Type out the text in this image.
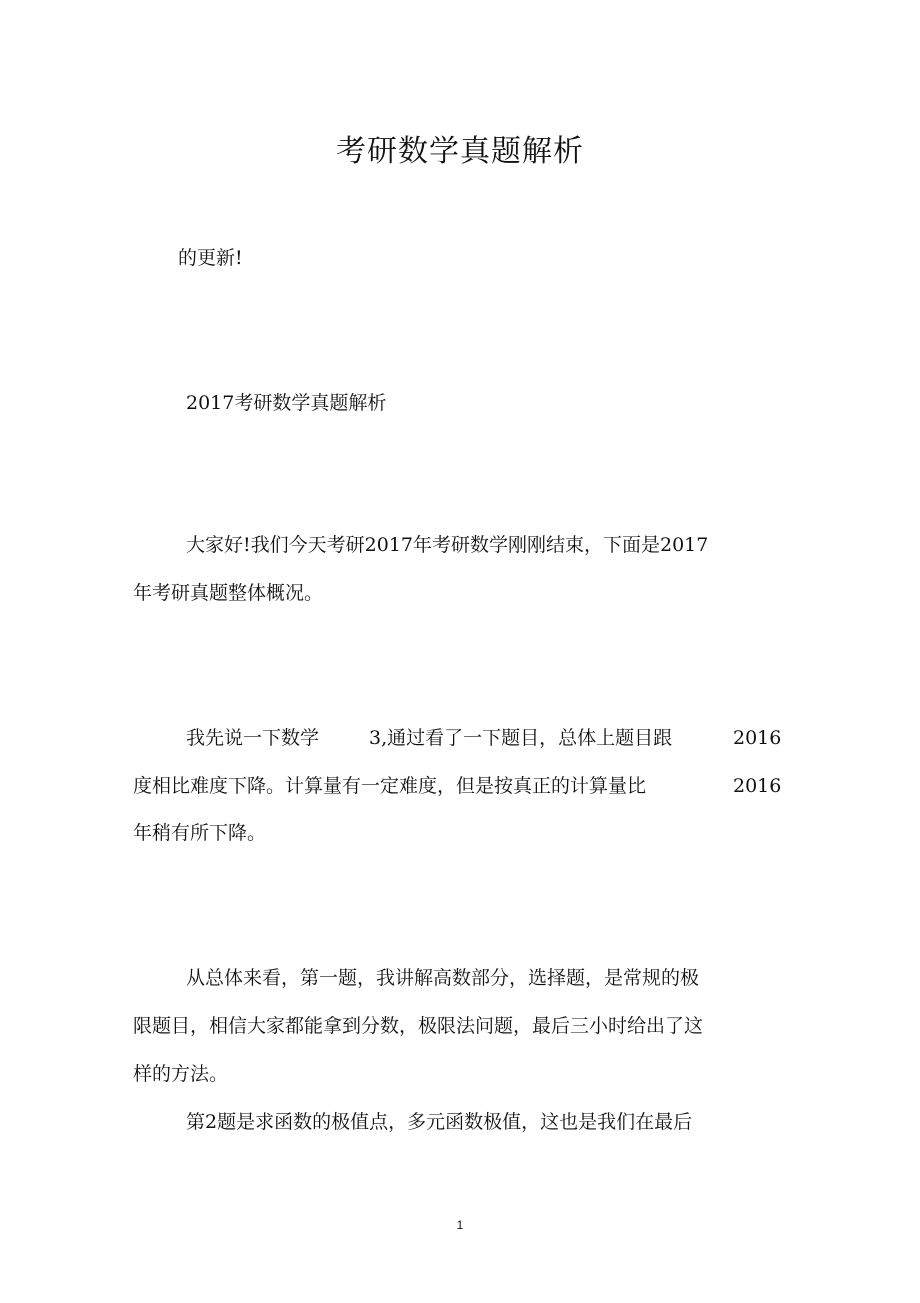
考研数学真题解析
的更新!
2017考研数学真题解析
大家好!我们今天考研2017年考研数学刚刚结束，下面是2017
年考研真题整体概况。
我先说一下数学	3,通过看了一下题目，总体上题目跟	2016
度相比难度下降。计算量有一定难度，但是按真正的计算量比	2016
年稍有所下降。
从总体来看，第一题，我讲解高数部分，选择题，是常规的极
限题目，相信大家都能拿到分数，极限法问题，最后三小时给出了这
样的方法。
第2题是求函数的极值点，多元函数极值，这也是我们在最后
1
